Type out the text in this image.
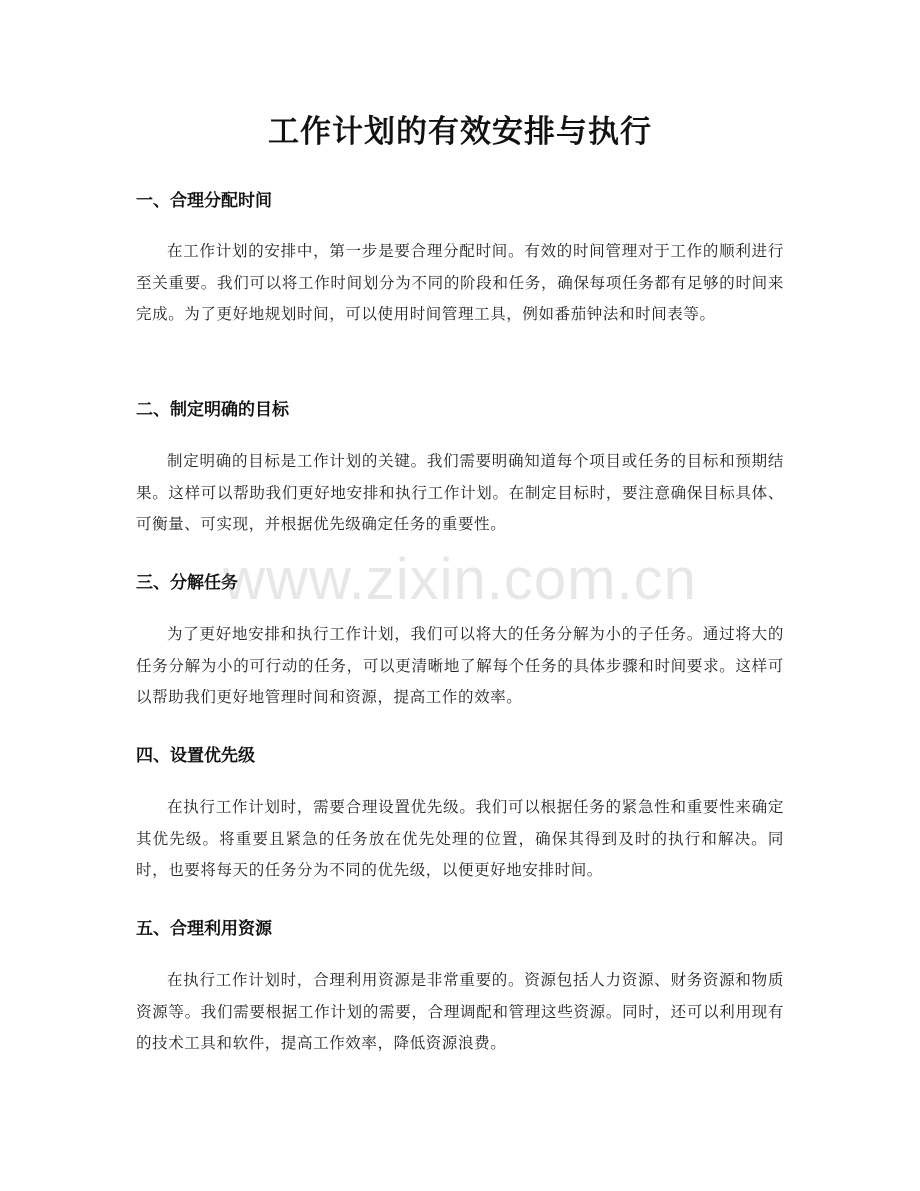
工作计划的有效安排与执行
一、合理分配时间

在工作计划的安排中，第一步是要合理分配时间。有效的时间管理对于工作的顺利进行至关重要。我们可以将工作时间划分为不同的阶段和任务，确保每项任务都有足够的时间来完成。为了更好地规划时间，可以使用时间管理工具，例如番茄钟法和时间表等。

二、制定明确的目标

制定明确的目标是工作计划的关键。我们需要明确知道每个项目或任务的目标和预期结果。这样可以帮助我们更好地安排和执行工作计划。在制定目标时，要注意确保目标具体、可衡量、可实现，并根据优先级确定任务的重要性。

三、分解任务

为了更好地安排和执行工作计划，我们可以将大的任务分解为小的子任务。通过将大的任务分解为小的可行动的任务，可以更清晰地了解每个任务的具体步骤和时间要求。这样可以帮助我们更好地管理时间和资源，提高工作的效率。

四、设置优先级

在执行工作计划时，需要合理设置优先级。我们可以根据任务的紧急性和重要性来确定其优先级。将重要且紧急的任务放在优先处理的位置，确保其得到及时的执行和解决。同时，也要将每天的任务分为不同的优先级，以便更好地安排时间。

五、合理利用资源

在执行工作计划时，合理利用资源是非常重要的。资源包括人力资源、财务资源和物质资源等。我们需要根据工作计划的需要，合理调配和管理这些资源。同时，还可以利用现有的技术工具和软件，提高工作效率，降低资源浪费。

www.zixin.com.cn
